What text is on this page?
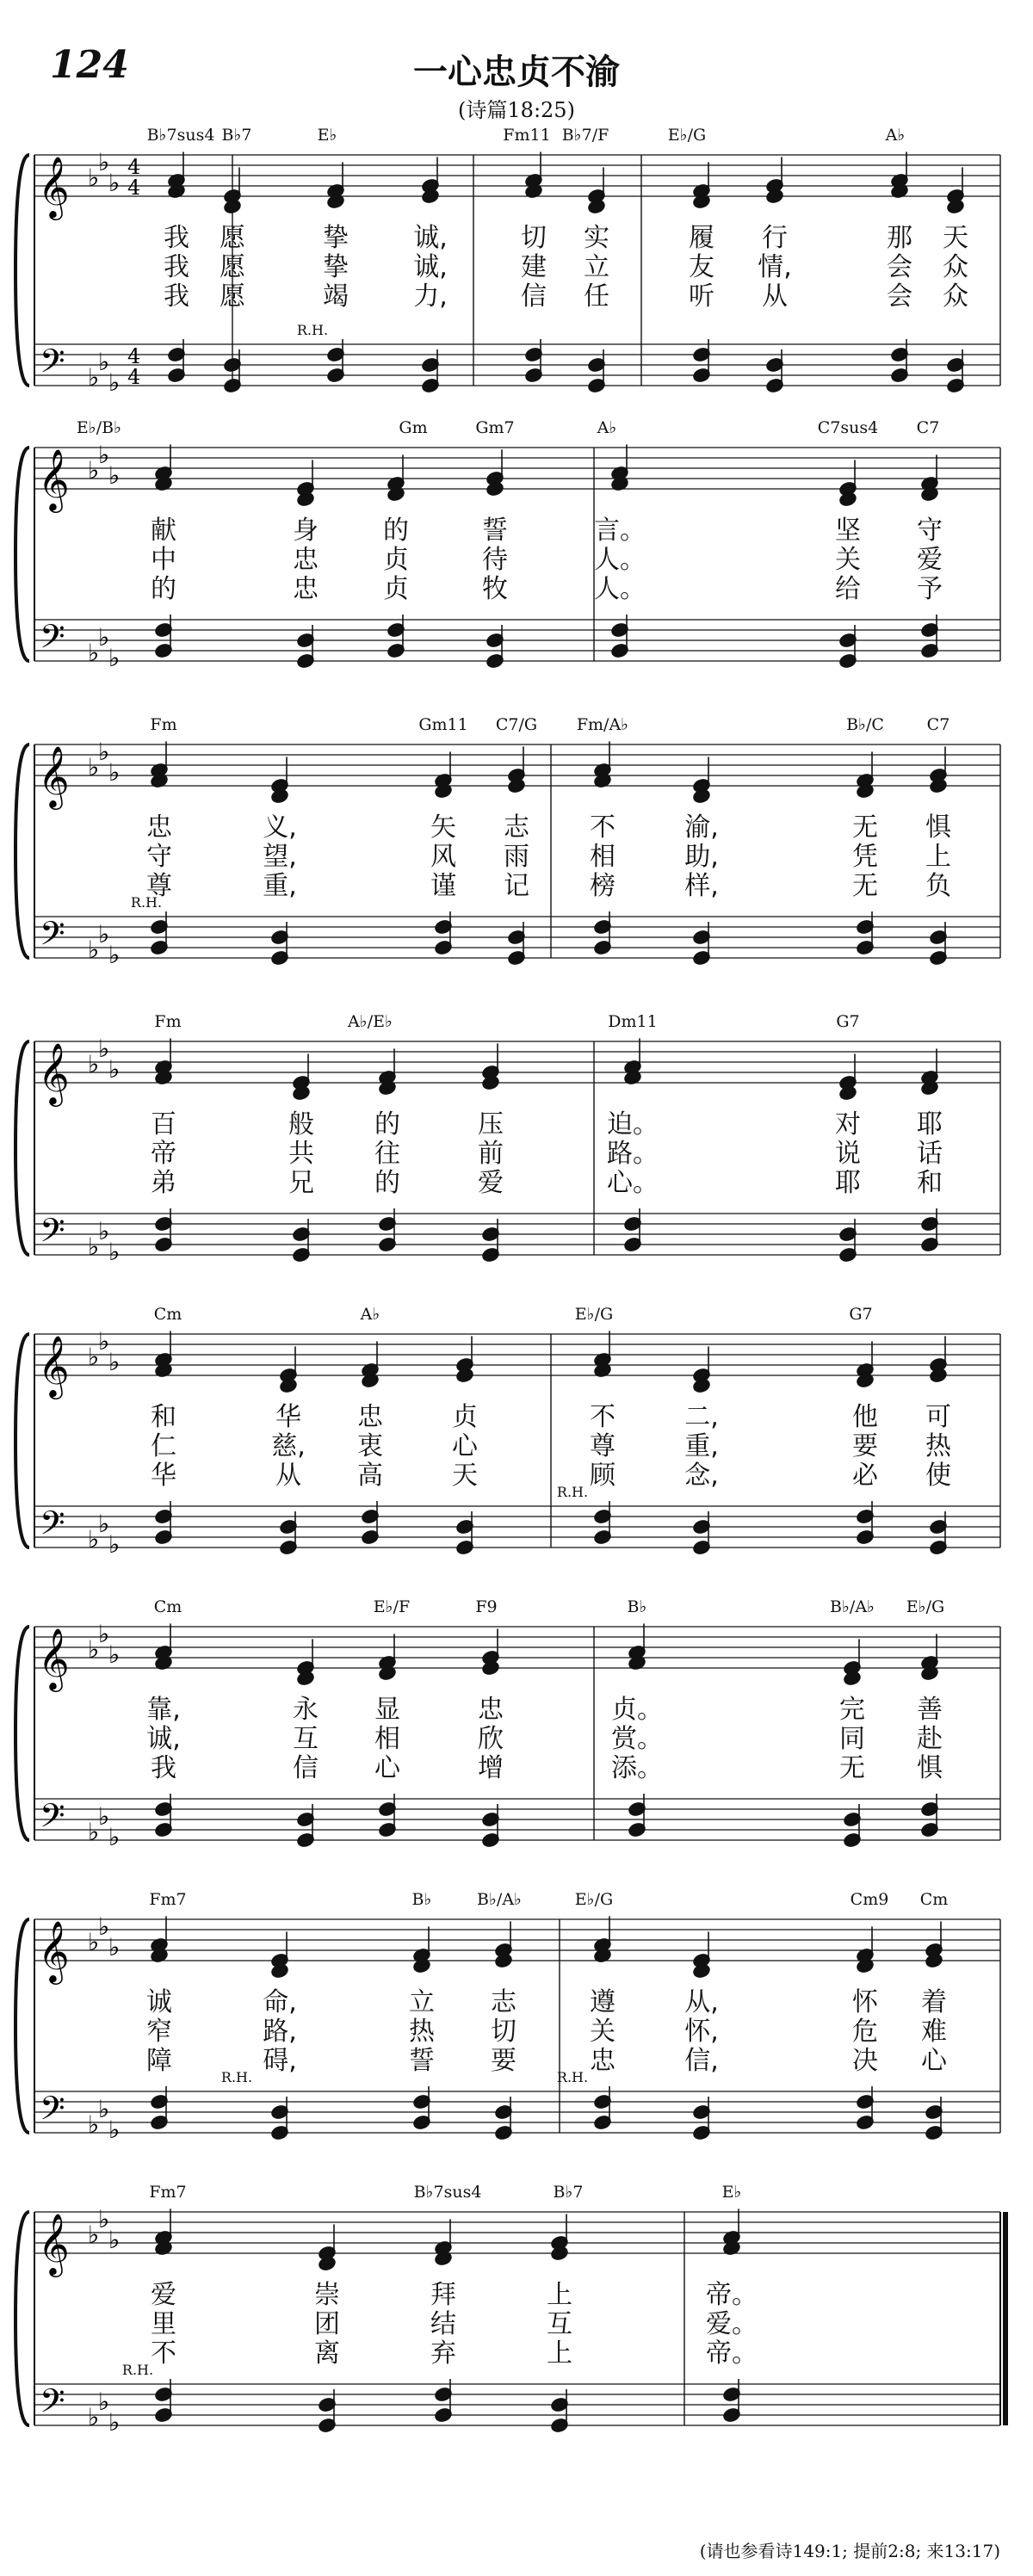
124	一心忠贞不渝
(诗篇18:25)
(请也参看诗149:1; 提前2:8; 来13:17)
𝄞
𝄢
♭
♭
♭
♭
♭
♭
4
4
4
4
𝄞
𝄢
♭
♭
♭
♭
♭
♭
𝄞
𝄢
♭
♭
♭
♭
♭
♭
𝄞
𝄢
♭
♭
♭
♭
♭
♭
𝄞
𝄢
♭
♭
♭
♭
♭
♭
𝄞
𝄢
♭
♭
♭
♭
♭
♭
𝄞
𝄢
♭
♭
♭
♭
♭
♭
𝄞
𝄢
♭
♭
♭
♭
♭
♭
B♭7sus4 B♭7	E♭	Fm11 B♭7/F	E♭/G	A♭
我 愿	挚	诚,	切 实	履 行	那 天
我 愿	挚	诚,	建 立	友 情,	会 众
我 愿	竭	力,	信 任	听 从	会 众
R.H.
E♭/B♭	Gm	Gm7	A♭	C7sus4 C7
献	身	的	誓	言。	坚 守
中	忠	贞	待	人。	关 爱
的	忠	贞	牧	人。	给 予
Fm	Gm11 C7/G Fm/A♭	B♭/C	C7
忠	义,	矢 志 不	渝,	无 惧
守	望,	风 雨 相	助,	凭 上
尊	重,	谨 记 榜	样,	无 负
R.H.
Fm	A♭/E♭	Dm11	G7
百	般 的	压	迫。	对 耶
帝	共 往	前	路。	说 话
弟	兄 的	爱	心。	耶 和
Cm	A♭	E♭/G	G7
和	华 忠	贞	不	二,	他 可
仁	慈, 衷	心	尊	重,	要 热
华	从 高	天	顾	念,	必 使
R.H.
Cm	E♭/F	F9	B♭	B♭/A♭ E♭/G
靠,	永 显	忠	贞。	完 善
诚,	互 相	欣	赏。	同 赴
我	信 心	增	添。	无 惧
Fm7	B♭	B♭/A♭	E♭/G	Cm9 Cm
诚	命,	立 志	遵	从,	怀 着
窄	路,	热 切	关	怀,	危 难
障	碍,	誓 要	忠	信,	决 心
R.H.	R.H.
Fm7	B♭7sus4	B♭7	E♭
爱	崇	拜	上	帝。
里	团	结	互	爱。
不	离	弃	上	帝。
R.H.
